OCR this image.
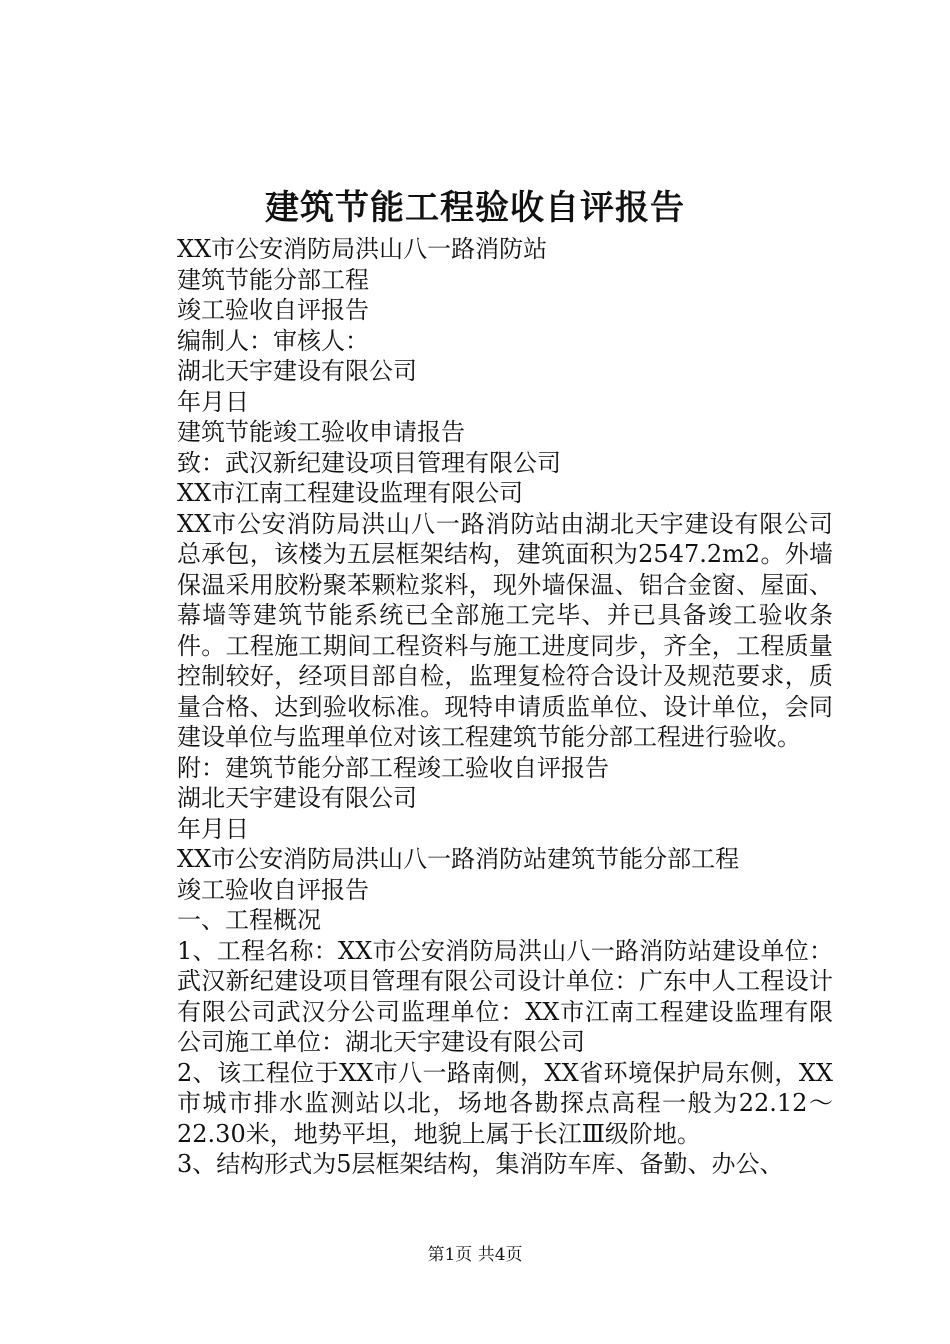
建筑节能工程验收自评报告

XX市公安消防局洪山八一路消防站

建筑节能分部工程

竣工验收自评报告

编制人：审核人：

湖北天宇建设有限公司

年月日

建筑节能竣工验收申请报告

致：武汉新纪建设项目管理有限公司

XX市江南工程建设监理有限公司

XX市公安消防局洪山八一路消防站由湖北天宇建设有限公司总承包，该楼为五层框架结构，建筑面积为2547.2m2。外墙保温采用胶粉聚苯颗粒浆料，现外墙保温、铝合金窗、屋面、幕墙等建筑节能系统已全部施工完毕、并已具备竣工验收条件。工程施工期间工程资料与施工进度同步，齐全，工程质量控制较好，经项目部自检，监理复检符合设计及规范要求，质量合格、达到验收标准。现特申请质监单位、设计单位，会同建设单位与监理单位对该工程建筑节能分部工程进行验收。

附：建筑节能分部工程竣工验收自评报告

湖北天宇建设有限公司

年月日

XX市公安消防局洪山八一路消防站建筑节能分部工程

竣工验收自评报告

一、工程概况

1、工程名称：XX市公安消防局洪山八一路消防站建设单位：武汉新纪建设项目管理有限公司设计单位：广东中人工程设计有限公司武汉分公司监理单位：XX市江南工程建设监理有限公司施工单位：湖北天宇建设有限公司

2、该工程位于XX市八一路南侧，XX省环境保护局东侧，XX市城市排水监测站以北，场地各勘探点高程一般为22.12～22.30米，地势平坦，地貌上属于长江Ⅲ级阶地。

3、结构形式为5层框架结构，集消防车库、备勤、办公、

第1页 共4页
